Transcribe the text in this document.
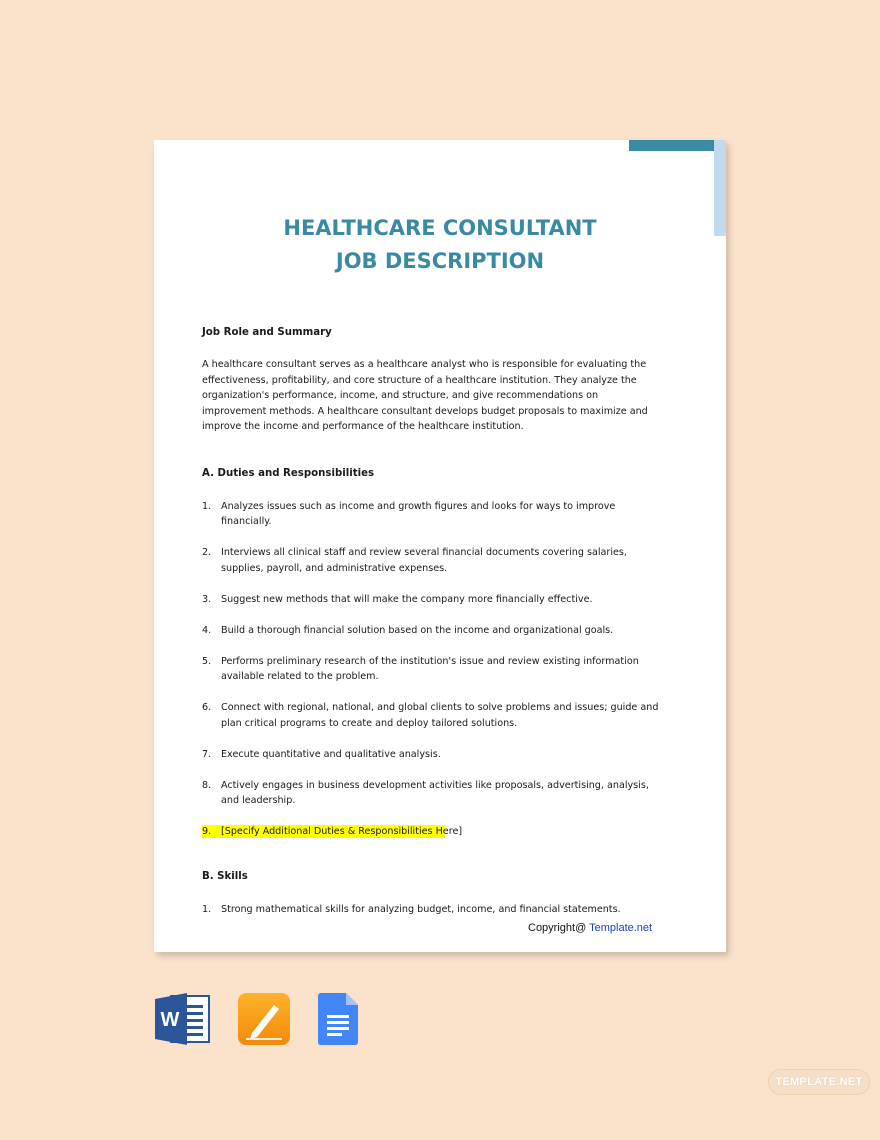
HEALTHCARE CONSULTANT
JOB DESCRIPTION
Job Role and Summary
A healthcare consultant serves as a healthcare analyst who is responsible for evaluating the effectiveness, profitability, and core structure of a healthcare institution. They analyze the organization's performance, income, and structure, and give recommendations on improvement methods. A healthcare consultant develops budget proposals to maximize and improve the income and performance of the healthcare institution.
A. Duties and Responsibilities
1. Analyzes issues such as income and growth figures and looks for ways to improve financially.
2. Interviews all clinical staff and review several financial documents covering salaries, supplies, payroll, and administrative expenses.
3. Suggest new methods that will make the company more financially effective.
4. Build a thorough financial solution based on the income and organizational goals.
5. Performs preliminary research of the institution's issue and review existing information available related to the problem.
6. Connect with regional, national, and global clients to solve problems and issues; guide and plan critical programs to create and deploy tailored solutions.
7. Execute quantitative and qualitative analysis.
8. Actively engages in business development activities like proposals, advertising, analysis, and leadership.
9. [Specify Additional Duties & Responsibilities Here]
B. Skills
1. Strong mathematical skills for analyzing budget, income, and financial statements.
Copyright@ Template.net
W
TEMPLATE.NET
